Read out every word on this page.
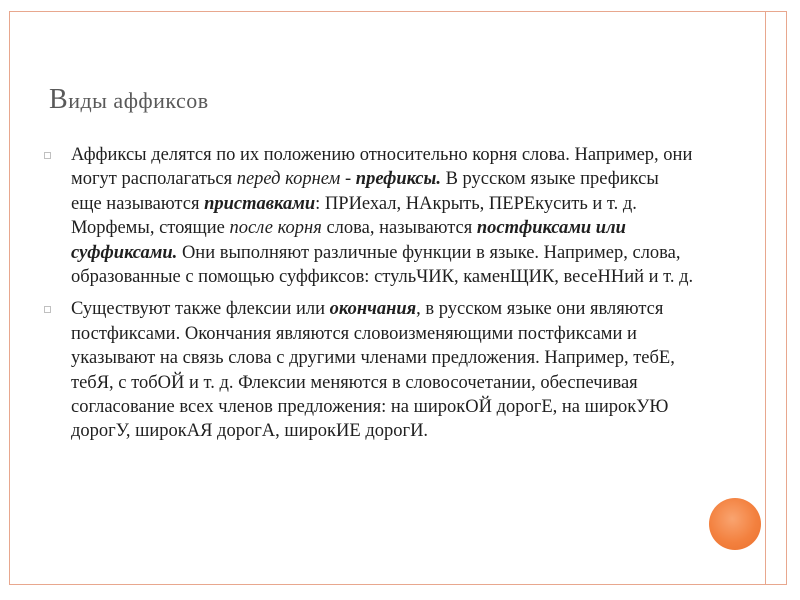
Виды аффиксов
Аффиксы делятся по их положению относительно корня слова. Например, они могут располагаться перед корнем - префиксы. В русском языке префиксы еще называются приставками: ПРИехал, НАкрыть, ПЕРЕкусить и т. д. Морфемы, стоящие после корня слова, называются постфиксами или суффиксами. Они выполняют различные функции в языке. Например, слова, образованные с помощью суффиксов: стульЧИК, каменЩИК, весеННий и т. д.
Существуют также флексии или окончания, в русском языке они являются постфиксами. Окончания являются словоизменяющими постфиксами и указывают на связь слова с другими членами предложения. Например, тебЕ, тебЯ, с тобОЙ и т. д. Флексии меняются в словосочетании, обеспечивая согласование всех членов предложения: на широкОЙ дорогЕ, на широкУЮ дорогУ, широкАЯ дорогА, широкИЕ дорогИ.
